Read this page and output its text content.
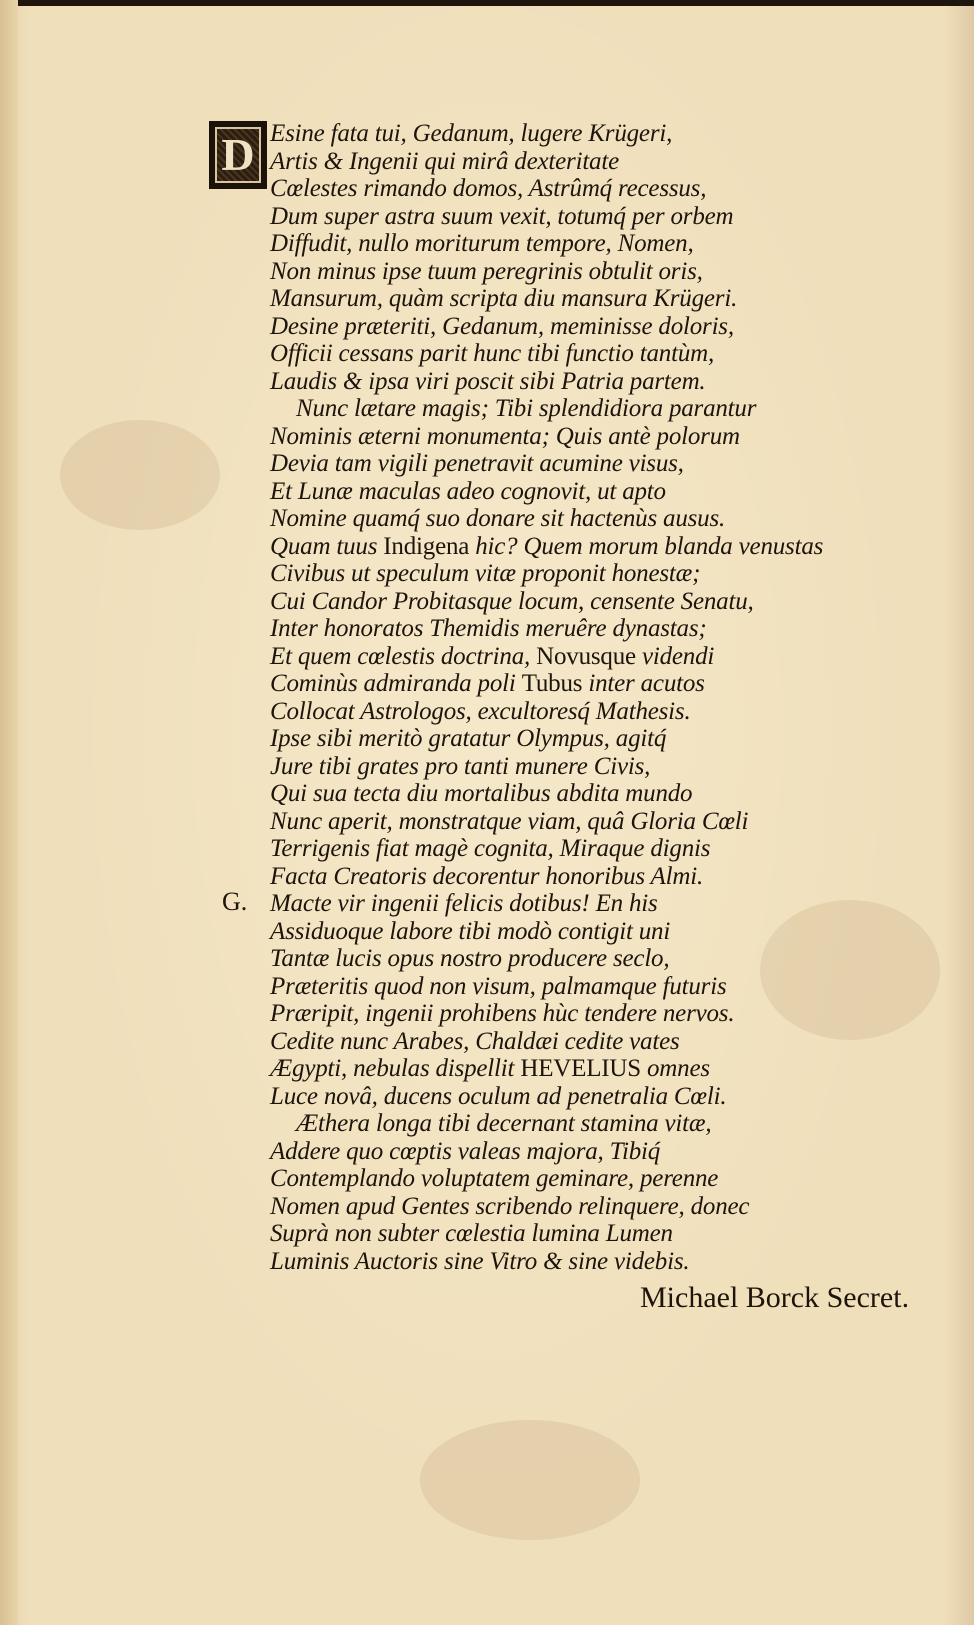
D Esine fata tui, Gedanum, lugere Krügeri,
Artis & Ingenii qui mirâ dexteritate
Cœlestes rimando domos, Astrûmq́ recessus,
Dum super astra suum vexit, totumq́ per orbem
Diffudit, nullo moriturum tempore, Nomen,
Non minus ipse tuum peregrinis obtulit oris,
Mansurum, quàm scripta diu mansura Krügeri.
Desine præteriti, Gedanum, meminisse doloris,
Officii cessans parit hunc tibi functio tantùm,
Laudis & ipsa viri poscit sibi Patria partem.
Nunc lætare magis; Tibi splendidiora parantur
Nominis æterni monumenta; Quis antè polorum
Devia tam vigili penetravit acumine visus,
Et Lunæ maculas adeo cognovit, ut apto
Nomine quamq́ suo donare sit hactenùs ausus.
Quam tuus Indigena hic? Quem morum blanda venustas
Civibus ut speculum vitæ proponit honestæ;
Cui Candor Probitasque locum, censente Senatu,
Inter honoratos Themidis meruêre dynastas;
Et quem cœlestis doctrina, Novusque videndi
Cominùs admiranda poli Tubus inter acutos
Collocat Astrologos, excultoresq́ Mathesis.
Ipse sibi meritò gratatur Olympus, agitq́
Jure tibi grates pro tanti munere Civis,
Qui sua tecta diu mortalibus abdita mundo
Nunc aperit, monstratque viam, quâ Gloria Cœli
Terrigenis fiat magè cognita, Miraque dignis
Facta Creatoris decorentur honoribus Almi.
Macte vir ingenii felicis dotibus! En his
Assiduoque labore tibi modò contigit uni
Tantæ lucis opus nostro producere seclo,
Præteritis quod non visum, palmamque futuris
Præripit, ingenii prohibens hùc tendere nervos.
Cedite nunc Arabes, Chaldæi cedite vates
Ægypti, nebulas dispellit HEVELIUS omnes
Luce novâ, ducens oculum ad penetralia Cœli.
Æthera longa tibi decernant stamina vitæ,
Addere quo cœptis valeas majora, Tibiq́
Contemplando voluptatem geminare, perenne
Nomen apud Gentes scribendo relinquere, donec
Suprà non subter cœlestia lumina Lumen
Luminis Auctoris sine Vitro & sine videbis.
G.
Michael Borck Secret.
